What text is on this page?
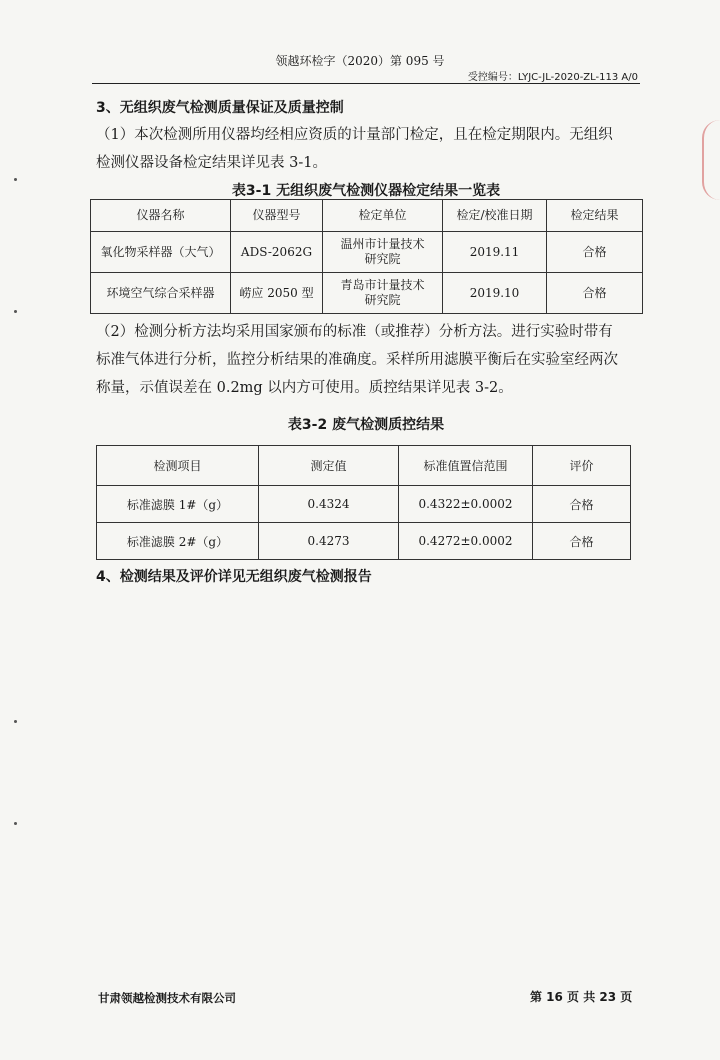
领越环检字（2020）第 095 号
受控编号：LYJC-JL-2020-ZL-113 A/0
3、无组织废气检测质量保证及质量控制
（1）本次检测所用仪器均经相应资质的计量部门检定，且在检定期限内。无组织
检测仪器设备检定结果详见表 3-1。
表3-1 无组织废气检测仪器检定结果一览表
仪器名称	仪器型号	检定单位	检定/校准日期	检定结果
氧化物采样器（大气）	ADS-2062G	温州市计量技术研究院	2019.11	合格
环境空气综合采样器	崂应 2050 型	青岛市计量技术研究院	2019.10	合格
（2）检测分析方法均采用国家颁布的标准（或推荐）分析方法。进行实验时带有
标准气体进行分析，监控分析结果的准确度。采样所用滤膜平衡后在实验室经两次
称量，示值误差在 0.2mg 以内方可使用。质控结果详见表 3-2。
表3-2 废气检测质控结果
检测项目	测定值	标准值置信范围	评价
标准滤膜 1#（g）	0.4324	0.4322±0.0002	合格
标准滤膜 2#（g）	0.4273	0.4272±0.0002	合格
4、检测结果及评价详见无组织废气检测报告
甘肃领越检测技术有限公司	第 16 页 共 23 页
